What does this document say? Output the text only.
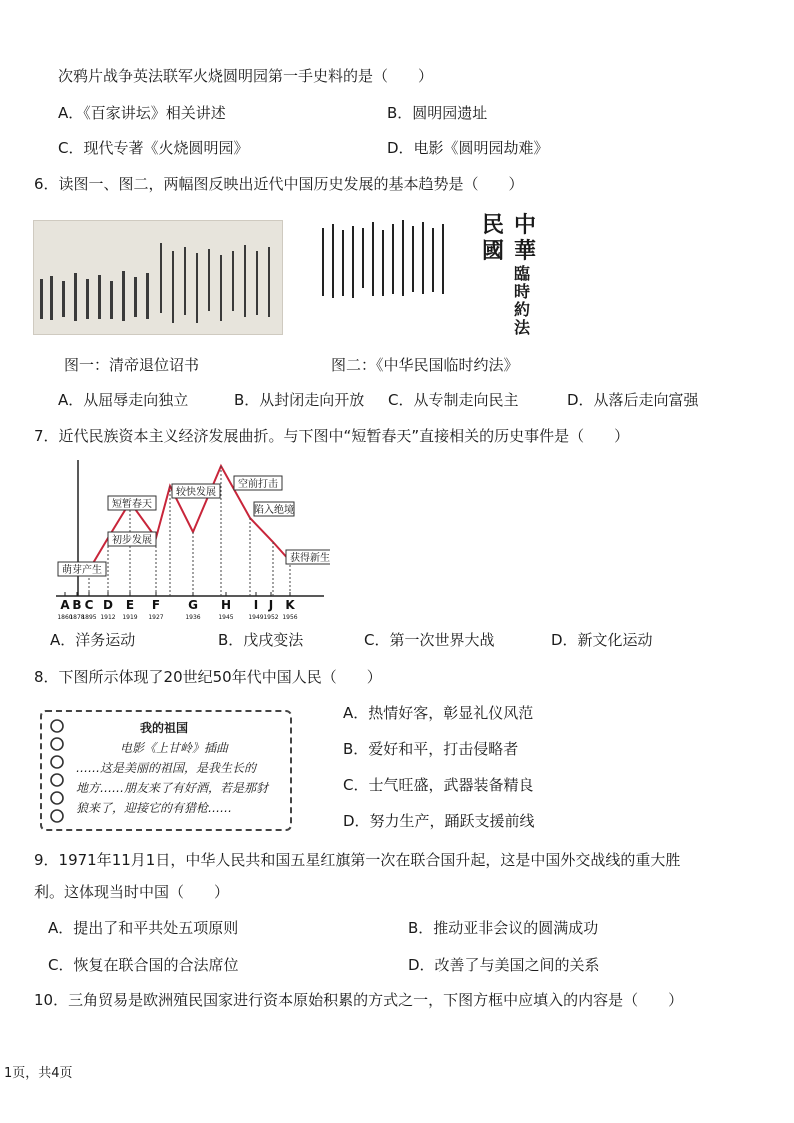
次鸦片战争英法联军火烧圆明园第一手史料的是（　　）
A．《百家讲坛》相关讲述	B．圆明园遗址
C．现代专著《火烧圆明园》	D．电影《圆明园劫难》
6．读图一、图二，两幅图反映出近代中国历史发展的基本趋势是（　　）
中華
民國
臨時約法
图一：清帝退位诏书	图二：《中华民国临时约法》
A．从屈辱走向独立	B．从封闭走向开放 C．从专制走向民主	D．从落后走向富强
7．近代民族资本主义经济发展曲折。与下图中“短暂春天”直接相关的历史事件是（　　）
萌芽产生
初步发展
短暂春天
较快发展
空前打击
陷入绝境
获得新生
A B C D E F G H I J K
1860
1878
1895 1912 1919 1927	1936	1945 1949 1952 1956
A．洋务运动	B．戊戌变法	C．第一次世界大战	D．新文化运动
8．下图所示体现了20世纪50年代中国人民（　　）
我的祖国
电影《上甘岭》插曲
……这是美丽的祖国，是我生长的
地方……朋友来了有好酒，若是那豺
狼来了，迎接它的有猎枪……
A．热情好客，彰显礼仪风范
B．爱好和平，打击侵略者
C．士气旺盛，武器装备精良
D．努力生产，踊跃支援前线
9．1971年11月1日，中华人民共和国五星红旗第一次在联合国升起，这是中国外交战线的重大胜
利。这体现当时中国（　　）
A．提出了和平共处五项原则	B．推动亚非会议的圆满成功
C．恢复在联合国的合法席位	D．改善了与美国之间的关系
10．三角贸易是欧洲殖民国家进行资本原始积累的方式之一，下图方框中应填入的内容是（　　）
1页，共4页
